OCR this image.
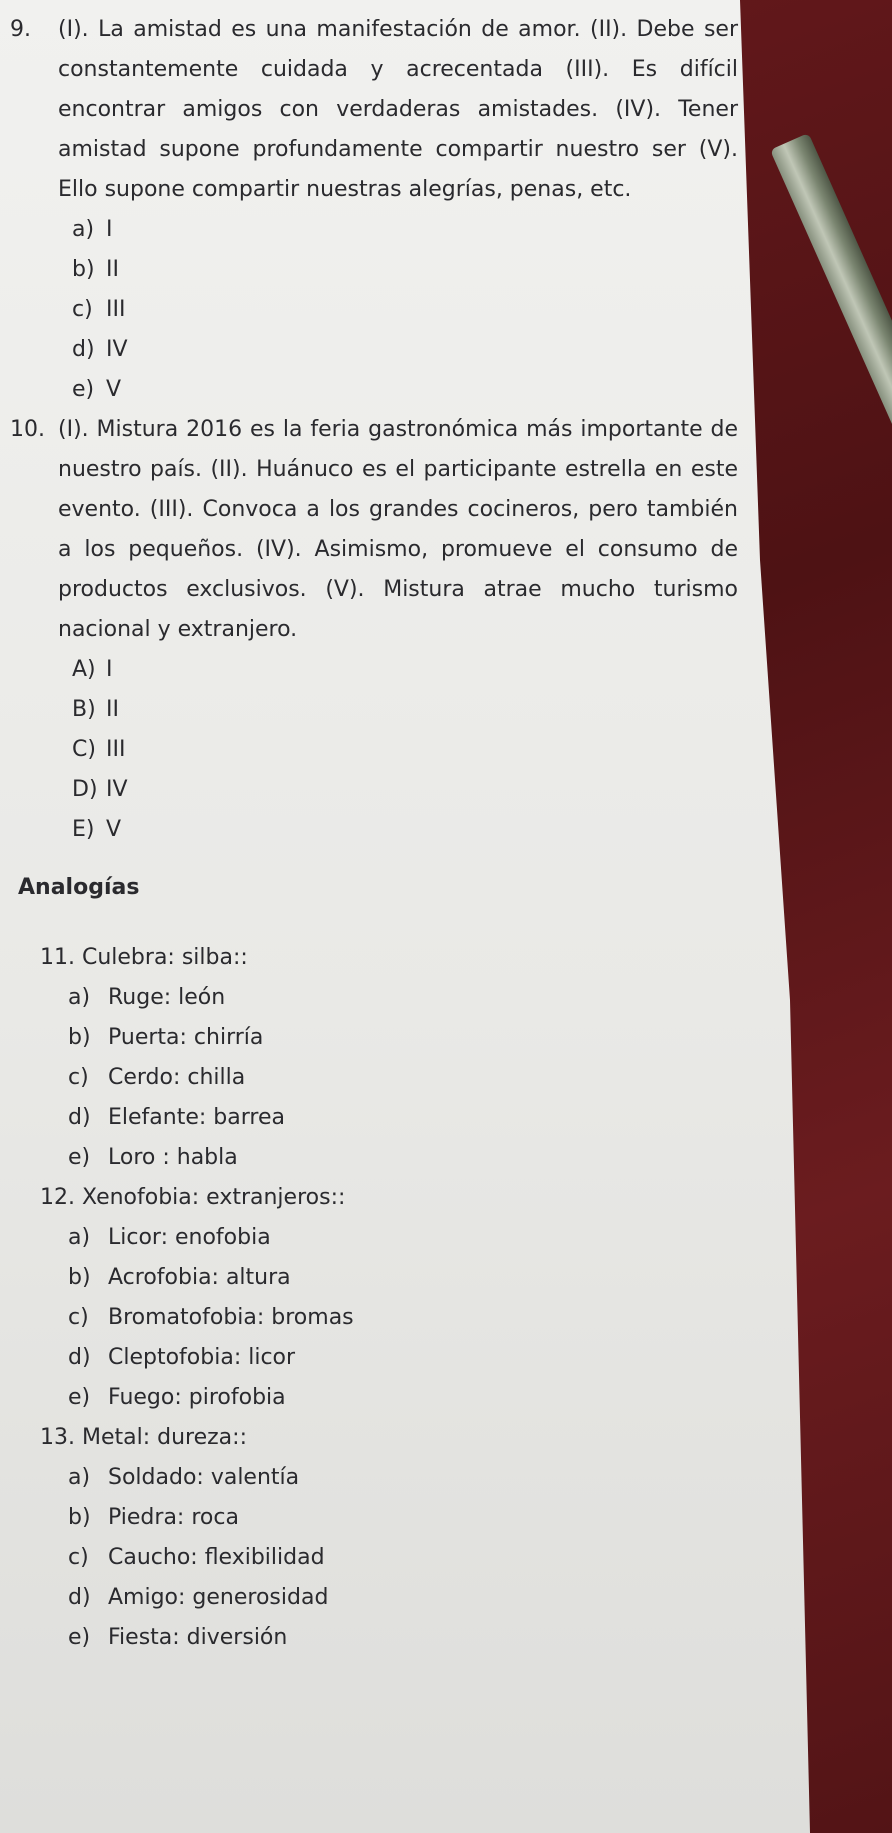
9.	(I). La amistad es una manifestación de amor. (II). Debe ser constantemente cuidada y acrecentada (III). Es difícil encontrar amigos con verdaderas amistades. (IV). Tener amistad supone profundamente compartir nuestro ser (V). Ello supone compartir nuestras alegrías, penas, etc.
a) I
b) II
c) III
d) IV
e) V
10. (I). Mistura 2016 es la feria gastronómica más importante de nuestro país. (II). Huánuco es el participante estrella en este evento. (III). Convoca a los grandes cocineros, pero también a los pequeños. (IV). Asimismo, promueve el consumo de productos exclusivos. (V). Mistura atrae mucho turismo nacional y extranjero.
A) I
B) II
C) III
D) IV
E) V
Analogías
11. Culebra: silba::
a) Ruge: león
b) Puerta: chirría
c) Cerdo: chilla
d) Elefante: barrea
e) Loro : habla
12. Xenofobia: extranjeros::
a) Licor: enofobia
b) Acrofobia: altura
c) Bromatofobia: bromas
d) Cleptofobia: licor
e) Fuego: pirofobia
13. Metal: dureza::
a) Soldado: valentía
b) Piedra: roca
c) Caucho: flexibilidad
d) Amigo: generosidad
e) Fiesta: diversión
